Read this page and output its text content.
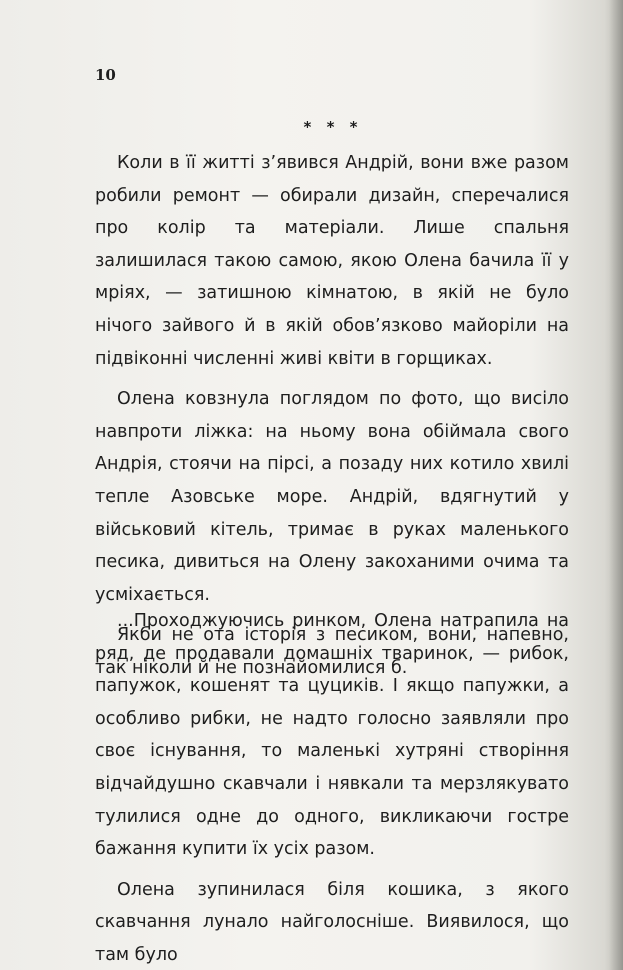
10
* * *

Коли в її житті з’явився Андрій, вони вже разом робили ремонт — обирали дизайн, сперечалися про колір та матеріали. Лише спальня залишилася такою самою, якою Олена бачила її у мріях, — затишною кімнатою, в якій не було нічого зайвого й в якій обов’язково майоріли на підвіконні численні живі квіти в горщиках.

Олена ковзнула поглядом по фото, що висіло навпроти ліжка: на ньому вона обіймала свого Андрія, стоячи на пірсі, а позаду них котило хвилі тепле Азовське море. Андрій, вдягнутий у військовий кітель, тримає в руках маленького песика, дивиться на Олену закоханими очима та усміхається.

Якби не ота історія з песиком, вони, напевно, так ніколи й не познайомилися б.

...Проходжуючись ринком, Олена натрапила на ряд, де продавали домашніх тваринок, — рибок, папужок, кошенят та цуциків. І якщо папужки, а особливо рибки, не надто голосно заявляли про своє існування, то маленькі хутряні створіння відчайдушно скавчали і нявкали та мерзлякувато тулилися одне до одного, викликаючи гостре бажання купити їх усіх разом.

Олена зупинилася біля кошика, з якого скавчання лунало найголосніше. Виявилося, що там було
